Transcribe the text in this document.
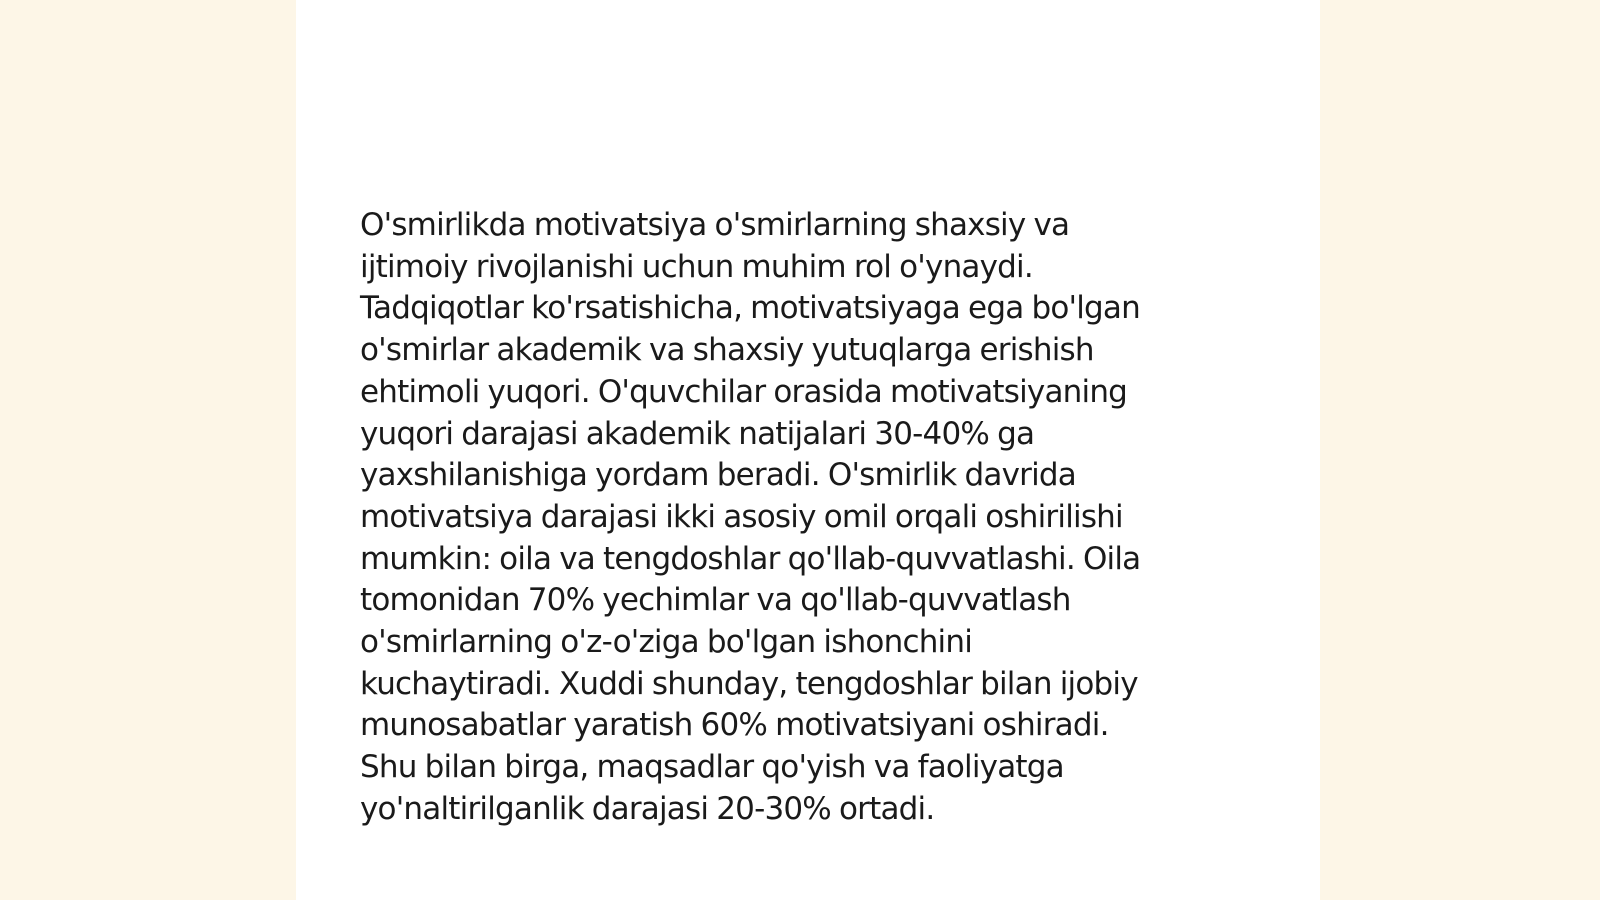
O'smirlikda motivatsiya o'smirlarning shaxsiy va
ijtimoiy rivojlanishi uchun muhim rol o'ynaydi.
Tadqiqotlar ko'rsatishicha, motivatsiyaga ega bo'lgan
o'smirlar akademik va shaxsiy yutuqlarga erishish
ehtimoli yuqori. O'quvchilar orasida motivatsiyaning
yuqori darajasi akademik natijalari 30-40% ga
yaxshilanishiga yordam beradi. O'smirlik davrida
motivatsiya darajasi ikki asosiy omil orqali oshirilishi
mumkin: oila va tengdoshlar qo'llab-quvvatlashi. Oila
tomonidan 70% yechimlar va qo'llab-quvvatlash
o'smirlarning o'z-o'ziga bo'lgan ishonchini
kuchaytiradi. Xuddi shunday, tengdoshlar bilan ijobiy
munosabatlar yaratish 60% motivatsiyani oshiradi.
Shu bilan birga, maqsadlar qo'yish va faoliyatga
yo'naltirilganlik darajasi 20-30% ortadi.
